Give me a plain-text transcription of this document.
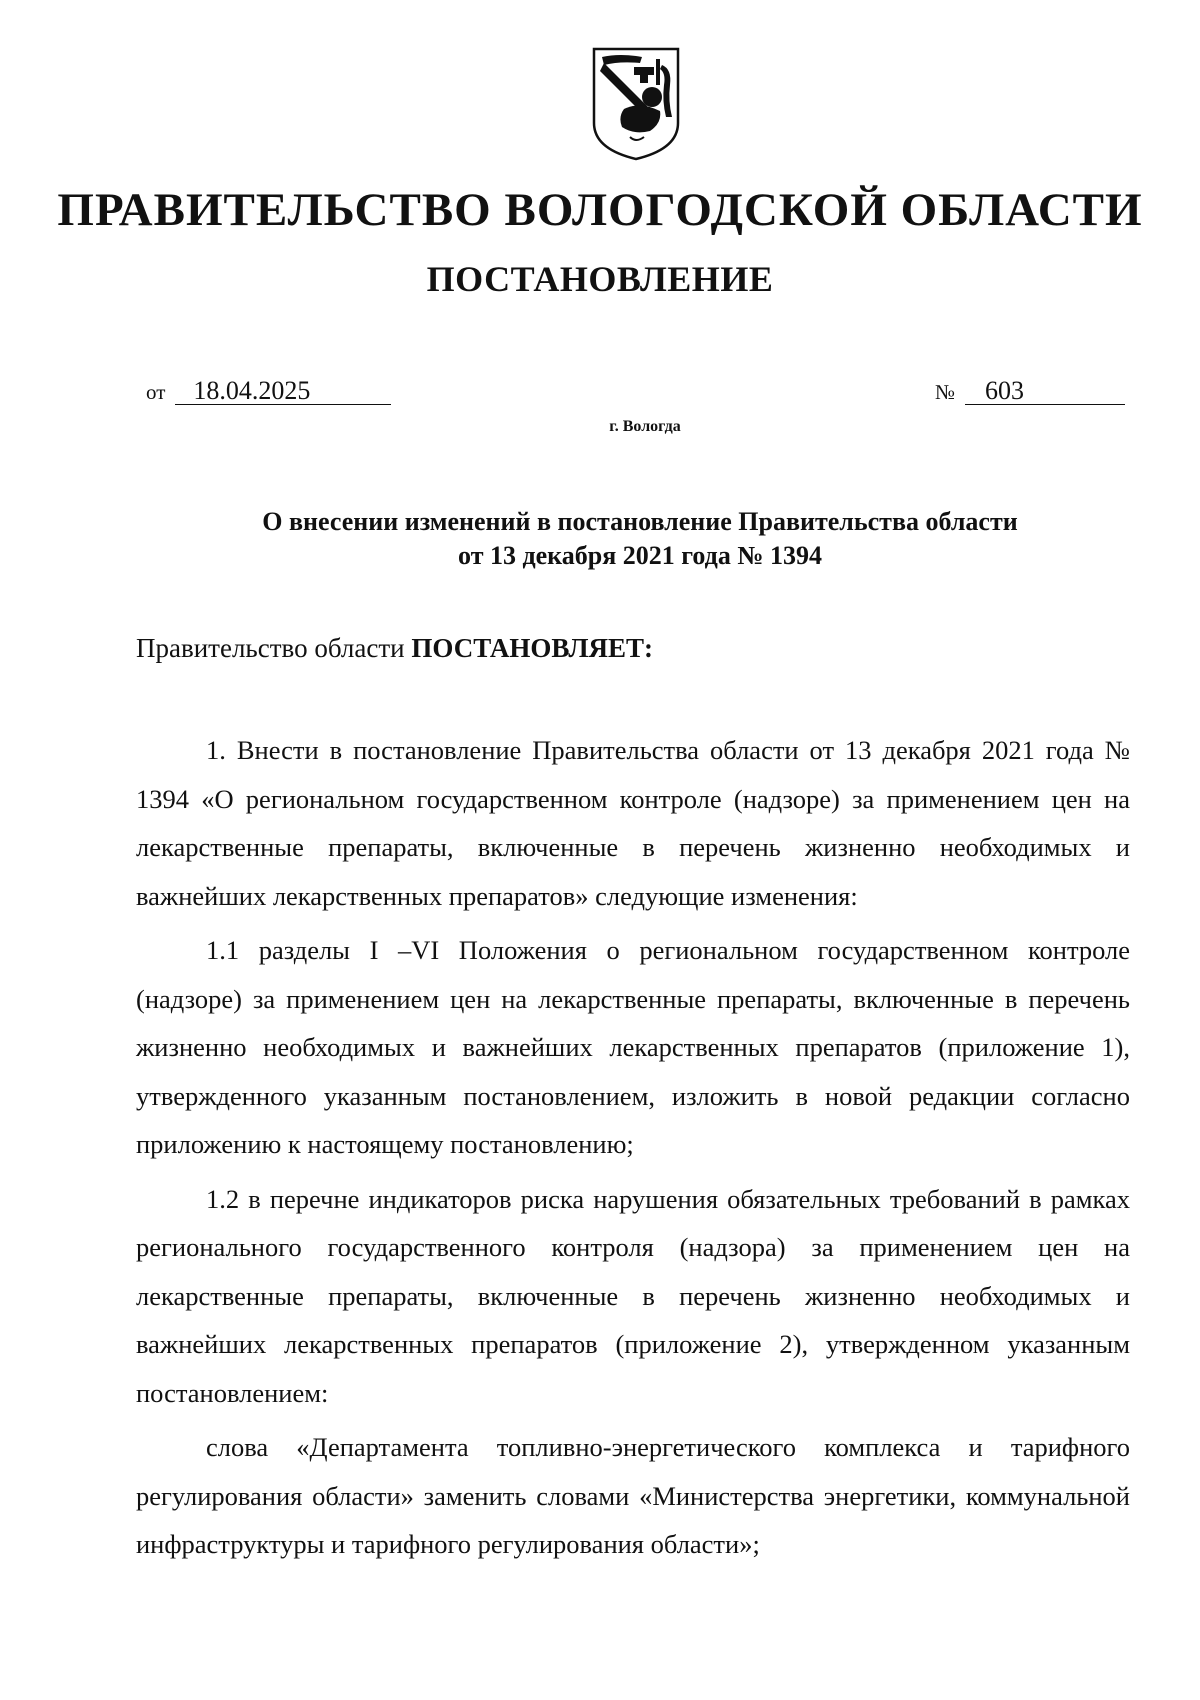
ПРАВИТЕЛЬСТВО ВОЛОГОДСКОЙ ОБЛАСТИ
ПОСТАНОВЛЕНИЕ
от 18.04.2025	№ 603
г. Вологда
О внесении изменений в постановление Правительства области
от 13 декабря 2021 года № 1394
Правительство области ПОСТАНОВЛЯЕТ:

1. Внести в постановление Правительства области от 13 декабря 2021 года № 1394 «О региональном государственном контроле (надзоре) за применением цен на лекарственные препараты, включенные в перечень жизненно необходимых и важнейших лекарственных препаратов» следующие изменения:

1.1 разделы I –VI Положения о региональном государственном контроле (надзоре) за применением цен на лекарственные препараты, включенные в перечень жизненно необходимых и важнейших лекарственных препаратов (приложение 1), утвержденного указанным постановлением, изложить в новой редакции согласно приложению к настоящему постановлению;

1.2 в перечне индикаторов риска нарушения обязательных требований в рамках регионального государственного контроля (надзора) за применением цен на лекарственные препараты, включенные в перечень жизненно необходимых и важнейших лекарственных препаратов (приложение 2), утвержденном указанным постановлением:

слова «Департамента топливно-энергетического комплекса и тарифного регулирования области» заменить словами «Министерства энергетики, коммунальной инфраструктуры и тарифного регулирования области»;
